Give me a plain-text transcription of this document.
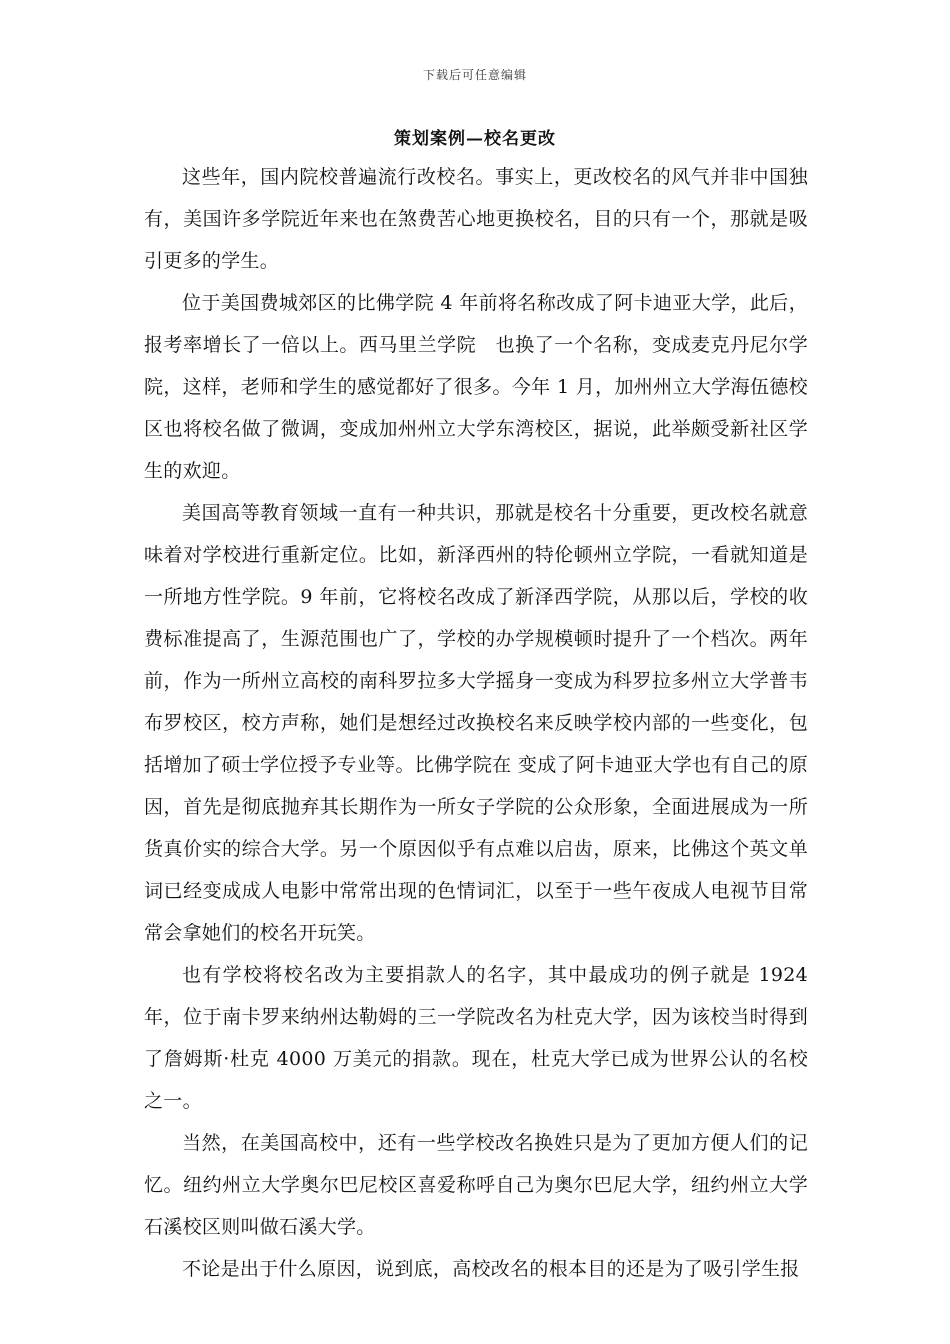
下载后可任意编辑
策划案例—校名更改

这些年，国内院校普遍流行改校名。事实上，更改校名的风气并非中国独有，美国许多学院近年来也在煞费苦心地更换校名，目的只有一个，那就是吸引更多的学生。

位于美国费城郊区的比佛学院 4 年前将名称改成了阿卡迪亚大学，此后，报考率增长了一倍以上。西马里兰学院　也换了一个名称，变成麦克丹尼尔学院，这样，老师和学生的感觉都好了很多。今年 1 月，加州州立大学海伍德校区也将校名做了微调，变成加州州立大学东湾校区，据说，此举颇受新社区学生的欢迎。

美国高等教育领域一直有一种共识，那就是校名十分重要，更改校名就意味着对学校进行重新定位。比如，新泽西州的特伦顿州立学院，一看就知道是一所地方性学院。9 年前，它将校名改成了新泽西学院，从那以后，学校的收费标准提高了，生源范围也广了，学校的办学规模顿时提升了一个档次。两年前，作为一所州立高校的南科罗拉多大学摇身一变成为科罗拉多州立大学普韦布罗校区，校方声称，她们是想经过改换校名来反映学校内部的一些变化，包括增加了硕士学位授予专业等。比佛学院在 变成了阿卡迪亚大学也有自己的原因，首先是彻底抛弃其长期作为一所女子学院的公众形象，全面进展成为一所货真价实的综合大学。另一个原因似乎有点难以启齿，原来，比佛这个英文单词已经变成成人电影中常常出现的色情词汇，以至于一些午夜成人电视节目常常会拿她们的校名开玩笑。

也有学校将校名改为主要捐款人的名字，其中最成功的例子就是 1924 年，位于南卡罗来纳州达勒姆的三一学院改名为杜克大学，因为该校当时得到了詹姆斯·杜克 4000 万美元的捐款。现在，杜克大学已成为世界公认的名校之一。

当然，在美国高校中，还有一些学校改名换姓只是为了更加方便人们的记忆。纽约州立大学奥尔巴尼校区喜爱称呼自己为奥尔巴尼大学，纽约州立大学石溪校区则叫做石溪大学。

不论是出于什么原因，说到底，高校改名的根本目的还是为了吸引学生报
